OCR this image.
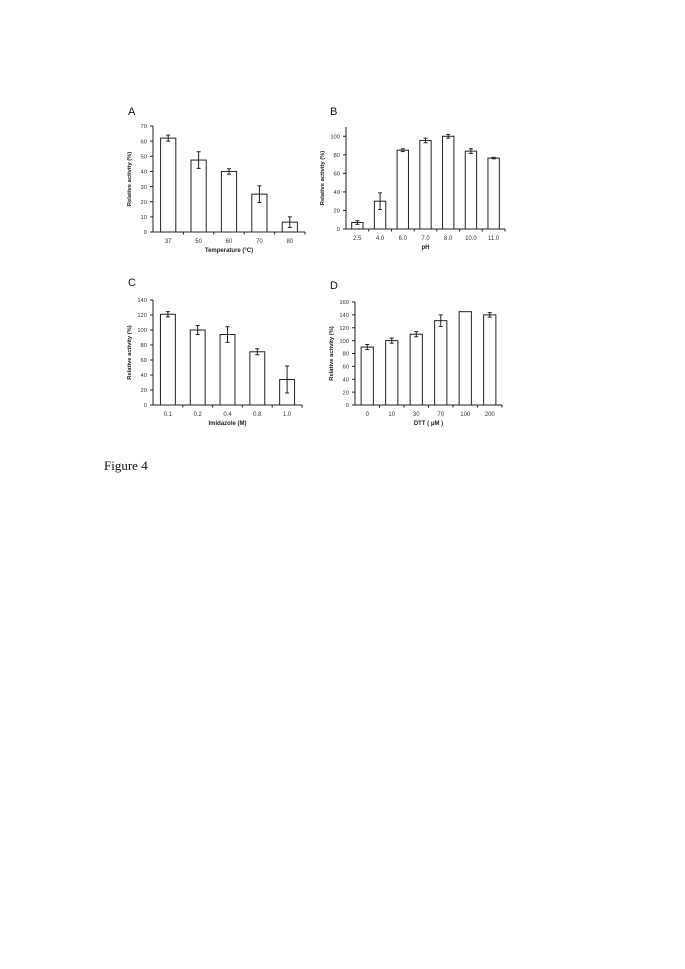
A
0
10
20
30
40
50
60
70
37	50	60	70	80
Temperature (°C)
Relative activity (%)
B
0
20
40
60
80
100
2.5 4.0 6.0 7.0 8.0 10.0 11.0
pH
Relative activity (%)
C
0
20
40
60
80
100
120
140
0.1	0.2	0.4	0.8	1.0
Imidazole (M)
Relative activity (%)
D
0
20
40
60
80
100
120
140
160
0	10	30	70	100 200
DTT ( μM )
Relative activity (%)
Figure 4
